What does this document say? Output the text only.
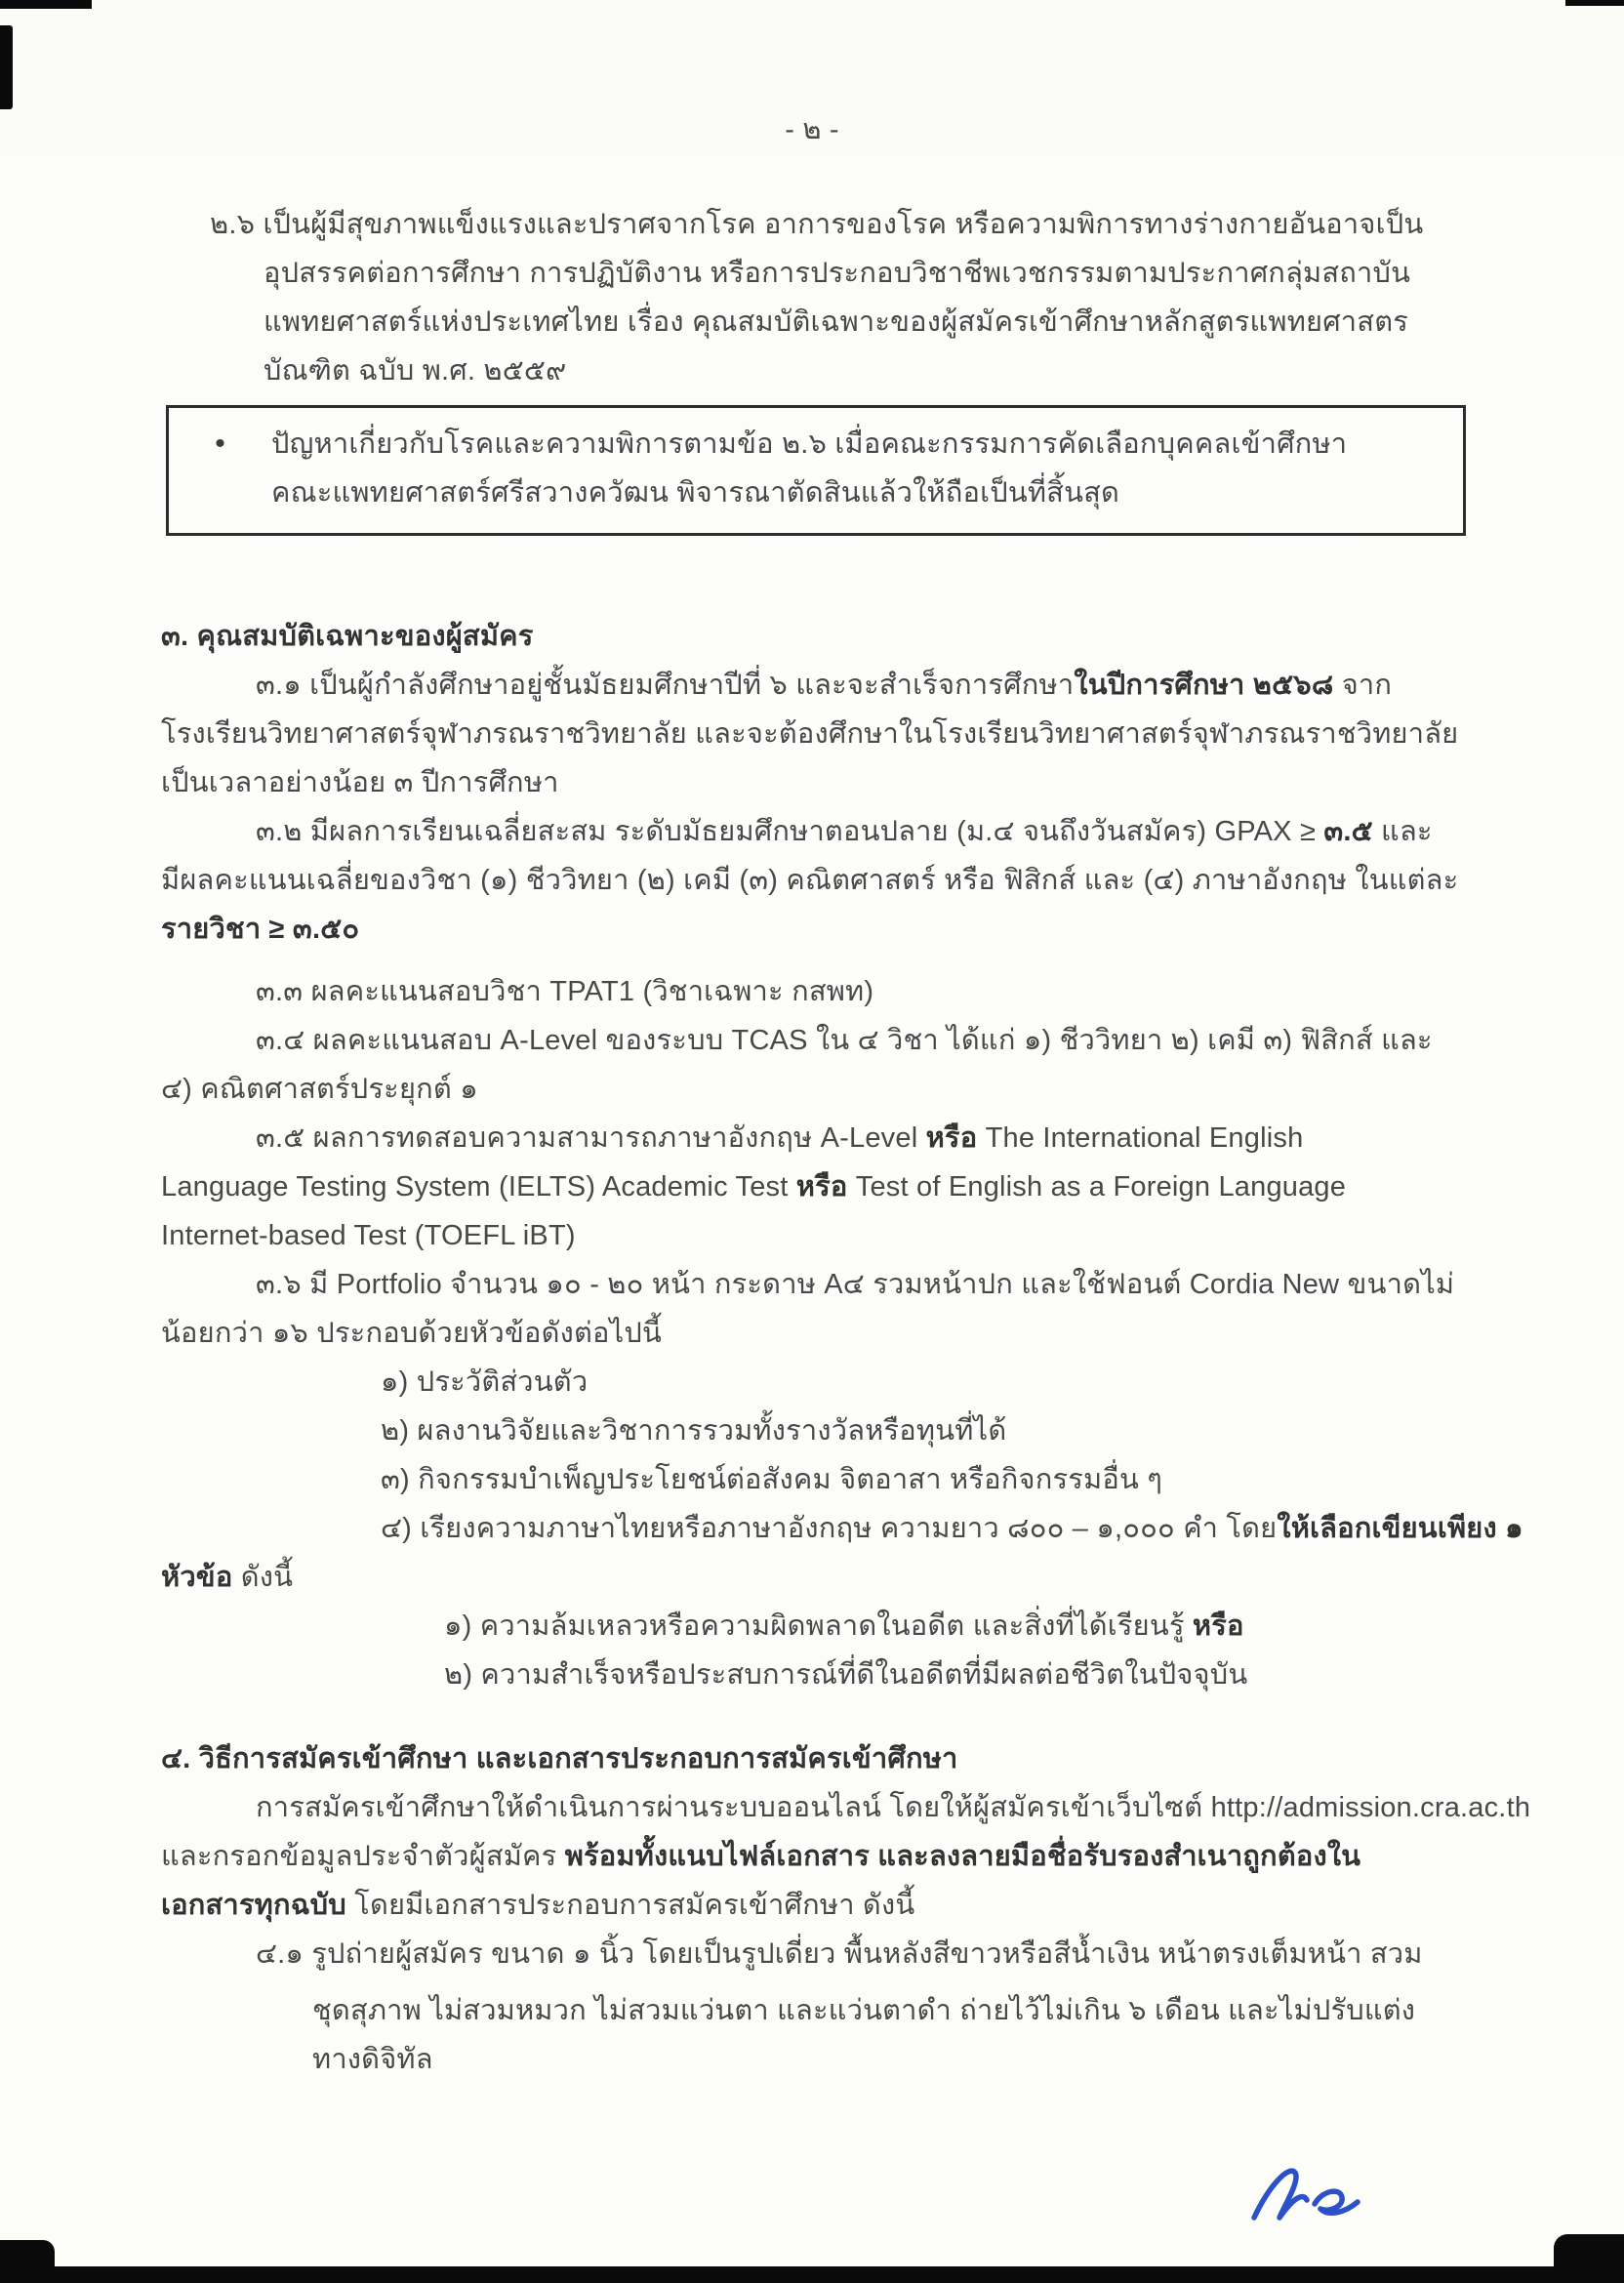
- ๒ -
๒.๖ เป็นผู้มีสุขภาพแข็งแรงและปราศจากโรค อาการของโรค หรือความพิการทางร่างกายอันอาจเป็น
อุปสรรคต่อการศึกษา การปฏิบัติงาน หรือการประกอบวิชาชีพเวชกรรมตามประกาศกลุ่มสถาบัน
แพทยศาสตร์แห่งประเทศไทย เรื่อง คุณสมบัติเฉพาะของผู้สมัครเข้าศึกษาหลักสูตรแพทยศาสตร
บัณฑิต ฉบับ พ.ศ. ๒๕๕๙
•	ปัญหาเกี่ยวกับโรคและความพิการตามข้อ ๒.๖ เมื่อคณะกรรมการคัดเลือกบุคคลเข้าศึกษา
คณะแพทยศาสตร์ศรีสวางควัฒน พิจารณาตัดสินแล้วให้ถือเป็นที่สิ้นสุด
๓. คุณสมบัติเฉพาะของผู้สมัคร
๓.๑ เป็นผู้กำลังศึกษาอยู่ชั้นมัธยมศึกษาปีที่ ๖ และจะสำเร็จการศึกษาในปีการศึกษา ๒๕๖๘ จาก
โรงเรียนวิทยาศาสตร์จุฬาภรณราชวิทยาลัย และจะต้องศึกษาในโรงเรียนวิทยาศาสตร์จุฬาภรณราชวิทยาลัย
เป็นเวลาอย่างน้อย ๓ ปีการศึกษา
๓.๒ มีผลการเรียนเฉลี่ยสะสม ระดับมัธยมศึกษาตอนปลาย (ม.๔ จนถึงวันสมัคร) GPAX ≥ ๓.๕ และ
มีผลคะแนนเฉลี่ยของวิชา (๑) ชีววิทยา (๒) เคมี (๓) คณิตศาสตร์ หรือ ฟิสิกส์ และ (๔) ภาษาอังกฤษ ในแต่ละ
รายวิชา ≥ ๓.๕๐
๓.๓ ผลคะแนนสอบวิชา TPAT1 (วิชาเฉพาะ กสพท)
๓.๔ ผลคะแนนสอบ A-Level ของระบบ TCAS ใน ๔ วิชา ได้แก่ ๑) ชีววิทยา ๒) เคมี ๓) ฟิสิกส์ และ
๔) คณิตศาสตร์ประยุกต์ ๑
๓.๕ ผลการทดสอบความสามารถภาษาอังกฤษ A-Level หรือ The International English
Language Testing System (IELTS) Academic Test หรือ Test of English as a Foreign Language
Internet-based Test (TOEFL iBT)
๓.๖ มี Portfolio จำนวน ๑๐ - ๒๐ หน้า กระดาษ A๔ รวมหน้าปก และใช้ฟอนต์ Cordia New ขนาดไม่
น้อยกว่า ๑๖ ประกอบด้วยหัวข้อดังต่อไปนี้
๑) ประวัติส่วนตัว
๒) ผลงานวิจัยและวิชาการรวมทั้งรางวัลหรือทุนที่ได้
๓) กิจกรรมบำเพ็ญประโยชน์ต่อสังคม จิตอาสา หรือกิจกรรมอื่น ๆ
๔) เรียงความภาษาไทยหรือภาษาอังกฤษ ความยาว ๘๐๐ – ๑,๐๐๐ คำ โดยให้เลือกเขียนเพียง ๑
หัวข้อ ดังนี้
๑) ความล้มเหลวหรือความผิดพลาดในอดีต และสิ่งที่ได้เรียนรู้ หรือ
๒) ความสำเร็จหรือประสบการณ์ที่ดีในอดีตที่มีผลต่อชีวิตในปัจจุบัน
๔. วิธีการสมัครเข้าศึกษา และเอกสารประกอบการสมัครเข้าศึกษา
การสมัครเข้าศึกษาให้ดำเนินการผ่านระบบออนไลน์ โดยให้ผู้สมัครเข้าเว็บไซต์ http://admission.cra.ac.th
และกรอกข้อมูลประจำตัวผู้สมัคร พร้อมทั้งแนบไฟล์เอกสาร และลงลายมือชื่อรับรองสำเนาถูกต้องใน
เอกสารทุกฉบับ โดยมีเอกสารประกอบการสมัครเข้าศึกษา ดังนี้
๔.๑ รูปถ่ายผู้สมัคร ขนาด ๑ นิ้ว โดยเป็นรูปเดี่ยว พื้นหลังสีขาวหรือสีน้ำเงิน หน้าตรงเต็มหน้า สวม
ชุดสุภาพ ไม่สวมหมวก ไม่สวมแว่นตา และแว่นตาดำ ถ่ายไว้ไม่เกิน ๖ เดือน และไม่ปรับแต่ง
ทางดิจิทัล
